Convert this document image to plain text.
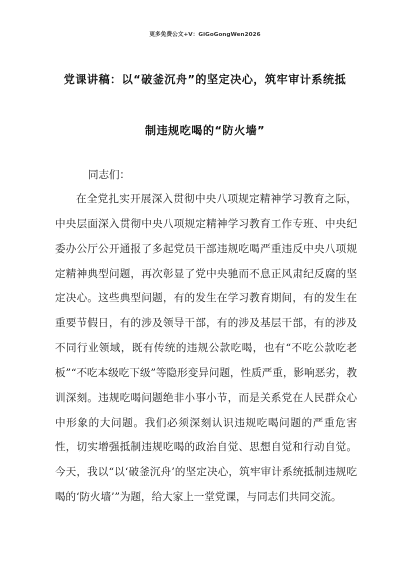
更多免费公文+V：GiGoGongWen2026
党课讲稿：以“破釜沉舟”的坚定决心，筑牢审计系统抵
制违规吃喝的“防火墙”
同志们：

在全党扎实开展深入贯彻中央八项规定精神学习教育之际，中央层面深入贯彻中央八项规定精神学习教育工作专班、中央纪委办公厅公开通报了多起党员干部违规吃喝严重违反中央八项规定精神典型问题，再次彰显了党中央驰而不息正风肃纪反腐的坚定决心。这些典型问题，有的发生在学习教育期间，有的发生在重要节假日，有的涉及领导干部，有的涉及基层干部，有的涉及不同行业领域，既有传统的违规公款吃喝，也有“不吃公款吃老板”“不吃本级吃下级”等隐形变异问题，性质严重，影响恶劣，教训深刻。违规吃喝问题绝非小事小节，而是关系党在人民群众心中形象的大问题。我们必须深刻认识违规吃喝问题的严重危害性，切实增强抵制违规吃喝的政治自觉、思想自觉和行动自觉。今天，我以“以‘破釜沉舟’的坚定决心，筑牢审计系统抵制违规吃喝的‘防火墙’”为题，给大家上一堂党课，与同志们共同交流。
